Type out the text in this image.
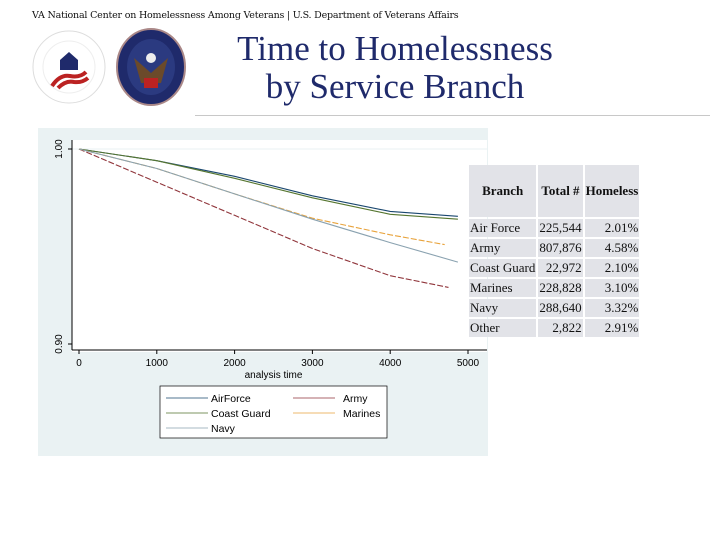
VA National Center on Homelessness Among Veterans | U.S. Department of Veterans Affairs
Time to Homelessness
by Service Branch
0.90
1.00
0	1000	2000	3000	4000	5000
analysis time
AirForce	Army
Coast Guard	Marines
Navy
Branch	Total #	Homeless
Air Force	225,544	2.01%
Army	807,876	4.58%
Coast Guard	22,972	2.10%
Marines	228,828	3.10%
Navy	288,640	3.32%
Other	2,822	2.91%
